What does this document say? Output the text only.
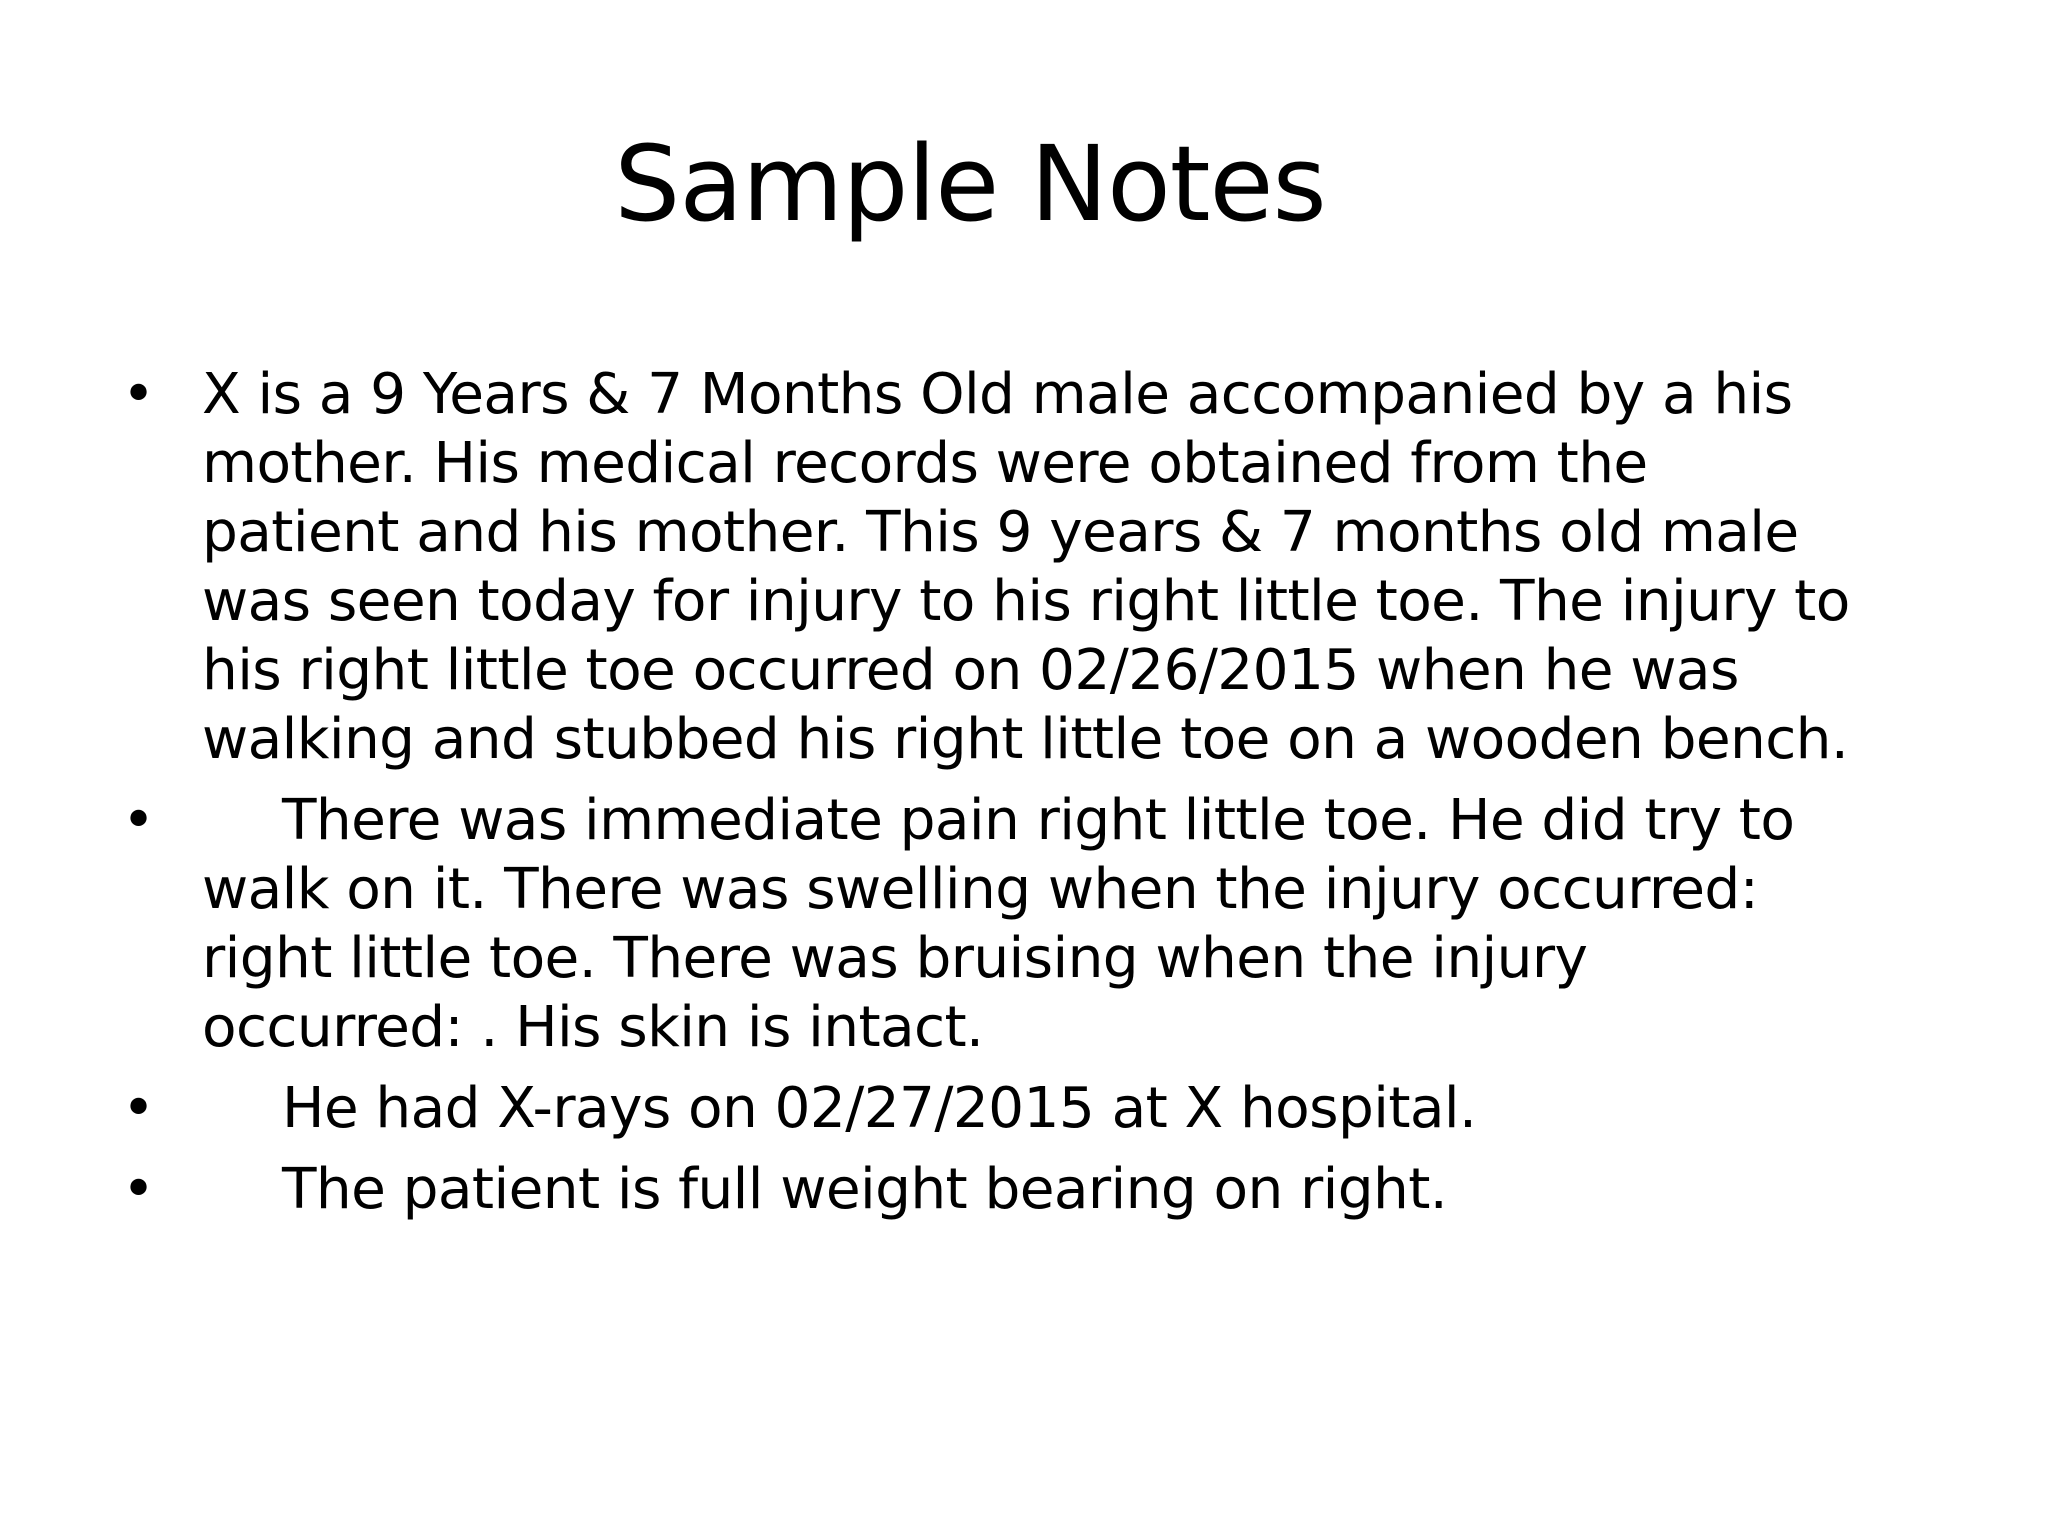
Sample Notes
• X is a 9 Years & 7 Months Old male accompanied by a his
mother. His medical records were obtained from the
patient and his mother. This 9 years & 7 months old male
was seen today for injury to his right little toe. The injury to
his right little toe occurred on 02/26/2015 when he was
walking and stubbed his right little toe on a wooden bench.
•	There was immediate pain right little toe. He did try to
walk on it. There was swelling when the injury occurred:
right little toe. There was bruising when the injury
occurred: . His skin is intact.
•	He had X-rays on 02/27/2015 at X hospital.
•	The patient is full weight bearing on right.
